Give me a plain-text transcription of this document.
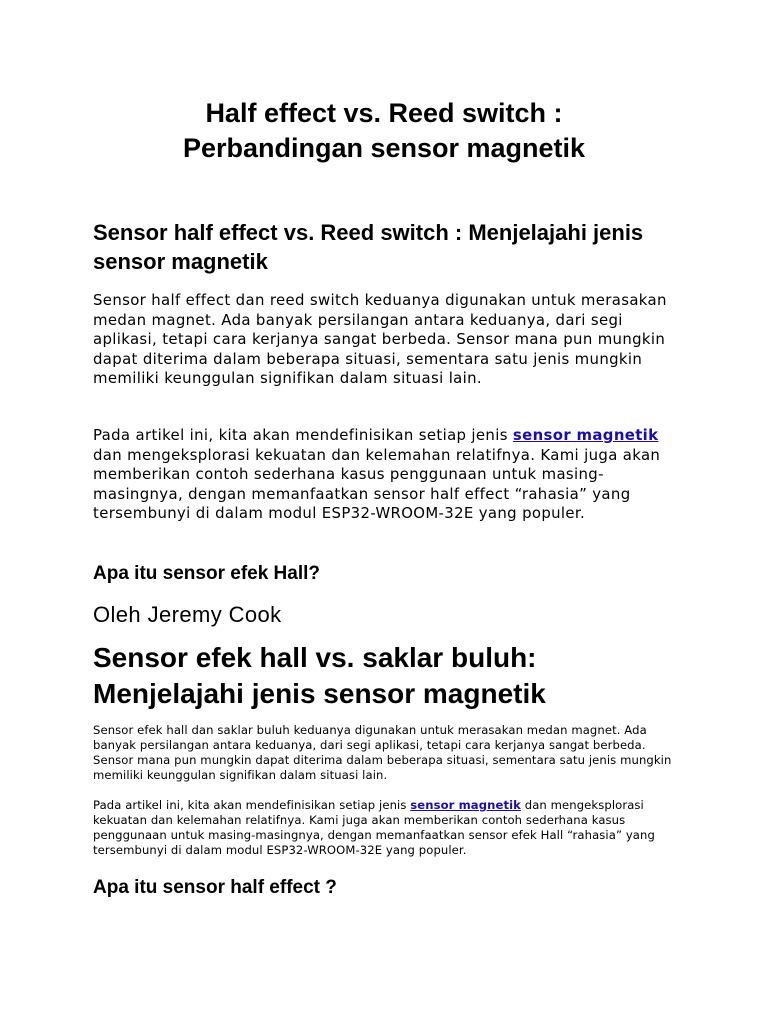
Half effect vs. Reed switch :
Perbandingan sensor magnetik
Sensor half effect vs. Reed switch : Menjelajahi jenis sensor magnetik

Sensor half effect dan reed switch keduanya digunakan untuk merasakan medan magnet. Ada banyak persilangan antara keduanya, dari segi aplikasi, tetapi cara kerjanya sangat berbeda. Sensor mana pun mungkin dapat diterima dalam beberapa situasi, sementara satu jenis mungkin memiliki keunggulan signifikan dalam situasi lain.

Pada artikel ini, kita akan mendefinisikan setiap jenis sensor magnetik dan mengeksplorasi kekuatan dan kelemahan relatifnya. Kami juga akan memberikan contoh sederhana kasus penggunaan untuk masing-masingnya, dengan memanfaatkan sensor half effect “rahasia” yang tersembunyi di dalam modul ESP32-WROOM-32E yang populer.

Apa itu sensor efek Hall?

Oleh Jeremy Cook

Sensor efek hall vs. saklar buluh: Menjelajahi jenis sensor magnetik

Sensor efek hall dan saklar buluh keduanya digunakan untuk merasakan medan magnet. Ada banyak persilangan antara keduanya, dari segi aplikasi, tetapi cara kerjanya sangat berbeda. Sensor mana pun mungkin dapat diterima dalam beberapa situasi, sementara satu jenis mungkin memiliki keunggulan signifikan dalam situasi lain.

Pada artikel ini, kita akan mendefinisikan setiap jenis sensor magnetik dan mengeksplorasi kekuatan dan kelemahan relatifnya. Kami juga akan memberikan contoh sederhana kasus penggunaan untuk masing-masingnya, dengan memanfaatkan sensor efek Hall “rahasia” yang tersembunyi di dalam modul ESP32-WROOM-32E yang populer.

Apa itu sensor half effect ?
